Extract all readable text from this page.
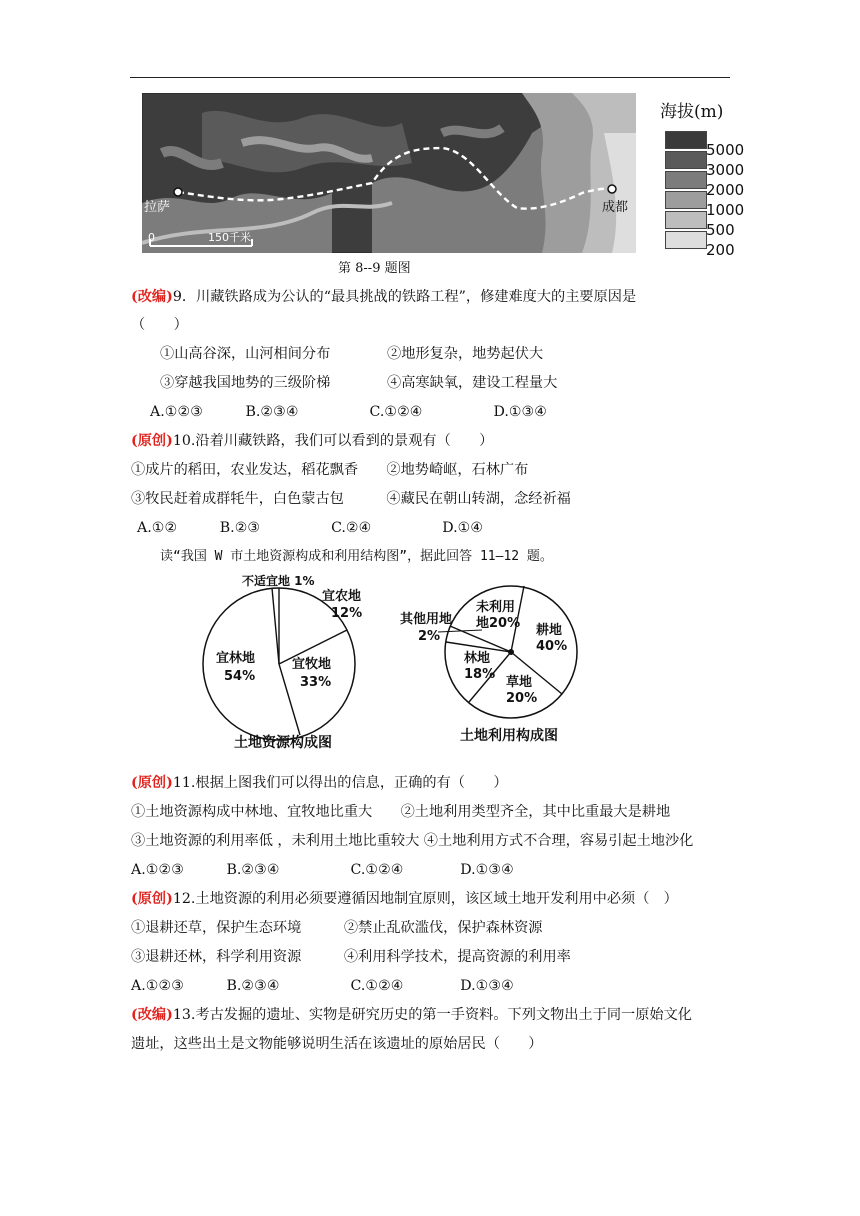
拉萨	成都
0	150千米
海拔(m)
5000
3000
2000
1000
500
200
第 8--9 题图
(改编)9．川藏铁路成为公认的“最具挑战的铁路工程”，修建难度大的主要原因是
（　　）
①山高谷深，山河相间分布　　　　②地形复杂，地势起伏大
③穿越我国地势的三级阶梯　　　　④高寒缺氧，建设工程量大
A.①②③　　　B.②③④　　　　　C.①②④　　　　　D.①③④
(原创)10.沿着川藏铁路，我们可以看到的景观有（　　）
①成片的稻田，农业发达，稻花飘香　　②地势崎岖，石林广布
③牧民赶着成群牦牛，白色蒙古包　　　④藏民在朝山转湖，念经祈福
A.①②　　　B.②③　　　　　C.②④　　　　　D.①④
读“我国 W 市土地资源构成和利用结构图”，据此回答 11—12 题。
不适宜地 1%
宜农地
12%
宜牧地
33%
宜林地
54%
土地资源构成图
未利用
地20% 耕地
40%
其他用地
2%
林地
18%
草地
20%
土地利用构成图
(原创)11.根据上图我们可以得出的信息，正确的有（　　）
①土地资源构成中林地、宜牧地比重大　　②土地利用类型齐全，其中比重最大是耕地
③土地资源的利用率低 ，未利用土地比重较大 ④土地利用方式不合理，容易引起土地沙化
A.①②③　　　B.②③④　　　　　C.①②④　　　　D.①③④
(原创)12.土地资源的利用必须要遵循因地制宜原则，该区域土地开发利用中必须（　）
①退耕还草，保护生态环境　　　②禁止乱砍滥伐，保护森林资源
③退耕还林，科学利用资源　　　④利用科学技术，提高资源的利用率
A.①②③　　　B.②③④　　　　　C.①②④　　　　D.①③④
(改编)13.考古发掘的遗址、实物是研究历史的第一手资料。下列文物出土于同一原始文化
遗址，这些出土是文物能够说明生活在该遗址的原始居民（　　）
